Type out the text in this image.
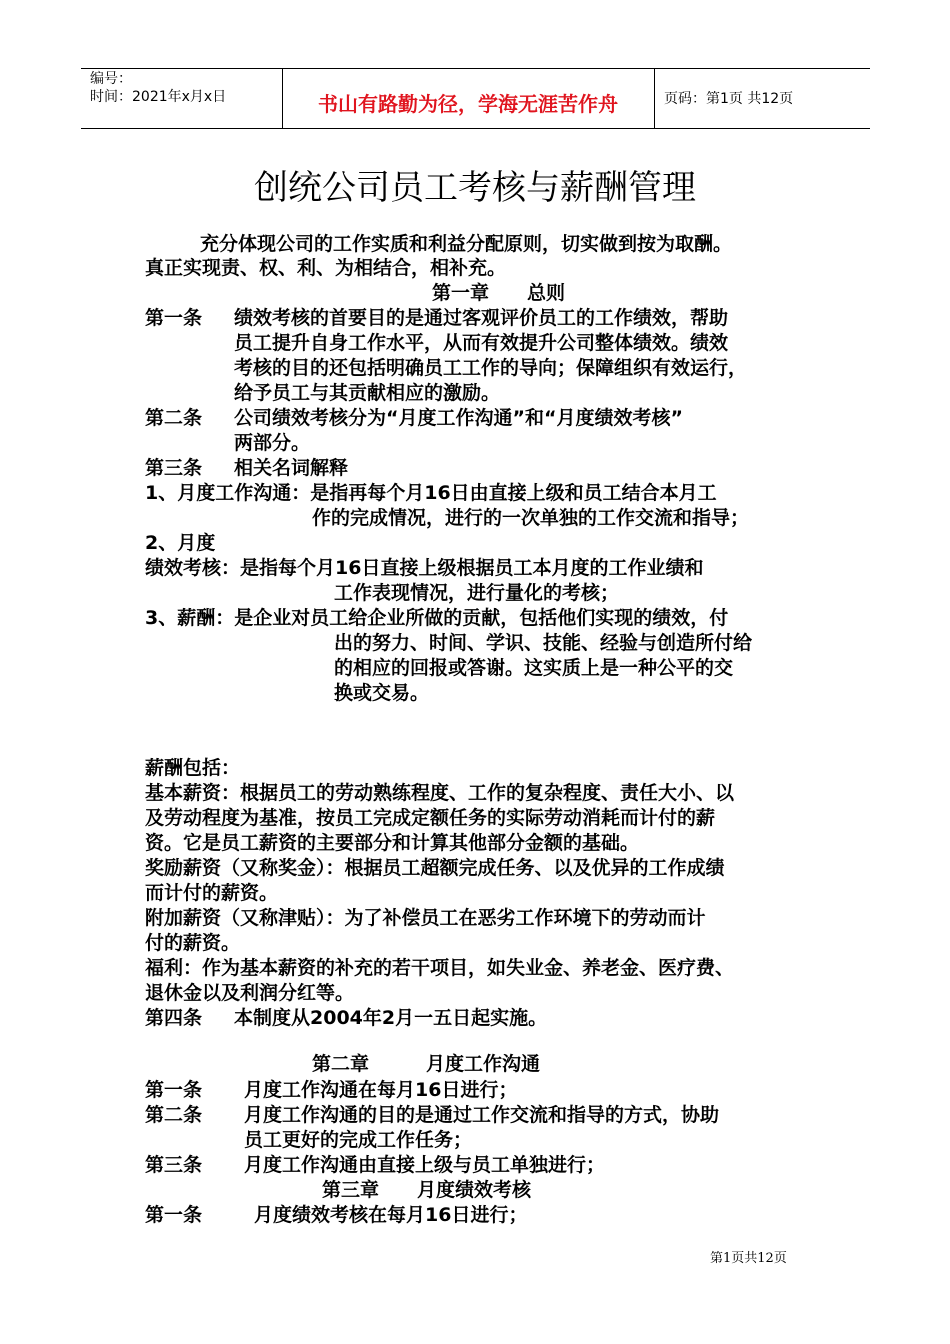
编号：
时间：2021年x月x日	书山有路勤为径，学海无涯苦作舟	页码：第1页 共12页
创统公司员工考核与薪酬管理
充分体现公司的工作实质和利益分配原则，切实做到按为取酬。
真正实现责、权、利、为相结合，相补充。
第一章　　总则
第一条 绩效考核的首要目的是通过客观评价员工的工作绩效，帮助
员工提升自身工作水平，从而有效提升公司整体绩效。绩效
考核的目的还包括明确员工工作的导向；保障组织有效运行，
给予员工与其贡献相应的激励。
第二条 公司绩效考核分为“月度工作沟通”和“月度绩效考核”
两部分。
第三条 相关名词解释
1、月度工作沟通：是指再每个月16日由直接上级和员工结合本月工
作的完成情况，进行的一次单独的工作交流和指导；
2、月度
绩效考核：是指每个月16日直接上级根据员工本月度的工作业绩和
工作表现情况，进行量化的考核；
3、薪酬：是企业对员工给企业所做的贡献，包括他们实现的绩效，付
出的努力、时间、学识、技能、经验与创造所付给
的相应的回报或答谢。这实质上是一种公平的交
换或交易。
薪酬包括：
基本薪资：根据员工的劳动熟练程度、工作的复杂程度、责任大小、以
及劳动程度为基准，按员工完成定额任务的实际劳动消耗而计付的薪
资。它是员工薪资的主要部分和计算其他部分金额的基础。
奖励薪资（又称奖金）：根据员工超额完成任务、以及优异的工作成绩
而计付的薪资。
附加薪资（又称津贴）：为了补偿员工在恶劣工作环境下的劳动而计
付的薪资。
福利：作为基本薪资的补充的若干项目，如失业金、养老金、医疗费、
退休金以及利润分红等。
第四条 本制度从2004年2月一五日起实施。
第二章　　　月度工作沟通
第一条 月度工作沟通在每月16日进行；
第二条 月度工作沟通的目的是通过工作交流和指导的方式，协助
员工更好的完成工作任务；
第三条 月度工作沟通由直接上级与员工单独进行；
第三章　　月度绩效考核
第一条	月度绩效考核在每月16日进行；
第1页共12页
